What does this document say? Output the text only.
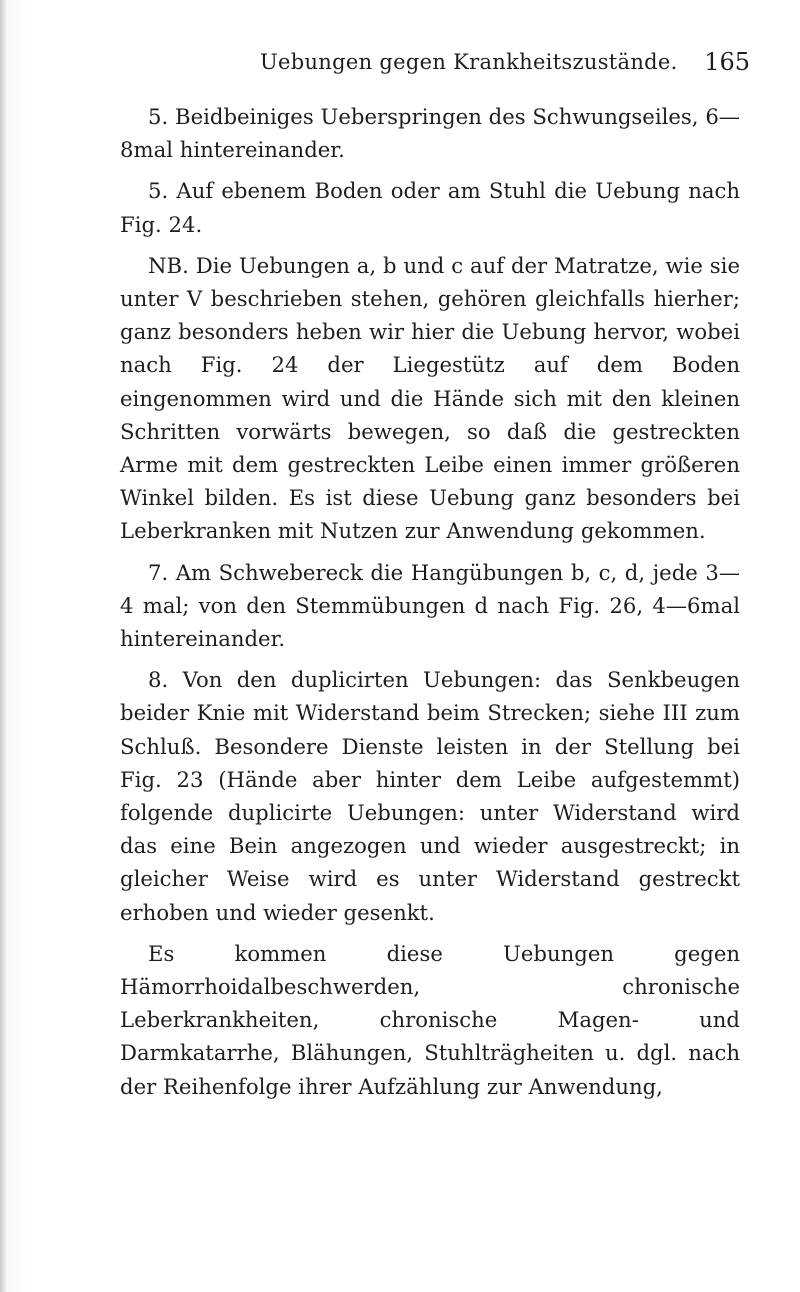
Uebungen gegen Krankheitszustände. 165

5. Beidbeiniges Ueberspringen des Schwungseiles, 6—8mal hintereinander.

5. Auf ebenem Boden oder am Stuhl die Uebung nach Fig. 24.

NB. Die Uebungen a, b und c auf der Matratze, wie sie unter V beschrieben stehen, gehören gleichfalls hierher; ganz besonders heben wir hier die Uebung hervor, wobei nach Fig. 24 der Liegestütz auf dem Boden eingenommen wird und die Hände sich mit den kleinen Schritten vorwärts bewegen, so daß die gestreckten Arme mit dem gestreckten Leibe einen immer größeren Winkel bilden. Es ist diese Uebung ganz besonders bei Leberkranken mit Nutzen zur Anwendung gekommen.

7. Am Schwebereck die Hangübungen b, c, d, jede 3—4 mal; von den Stemmübungen d nach Fig. 26, 4—6mal hintereinander.

8. Von den duplicirten Uebungen: das Senkbeugen beider Knie mit Widerstand beim Strecken; siehe III zum Schluß. Besondere Dienste leisten in der Stellung bei Fig. 23 (Hände aber hinter dem Leibe aufgestemmt) folgende duplicirte Uebungen: unter Widerstand wird das eine Bein angezogen und wieder ausgestreckt; in gleicher Weise wird es unter Widerstand gestreckt erhoben und wieder gesenkt.

Es kommen diese Uebungen gegen Hämorrhoidalbeschwerden, chronische Leberkrankheiten, chronische Magen- und Darmkatarrhe, Blähungen, Stuhlträgheiten u. dgl. nach der Reihenfolge ihrer Aufzählung zur Anwendung,
